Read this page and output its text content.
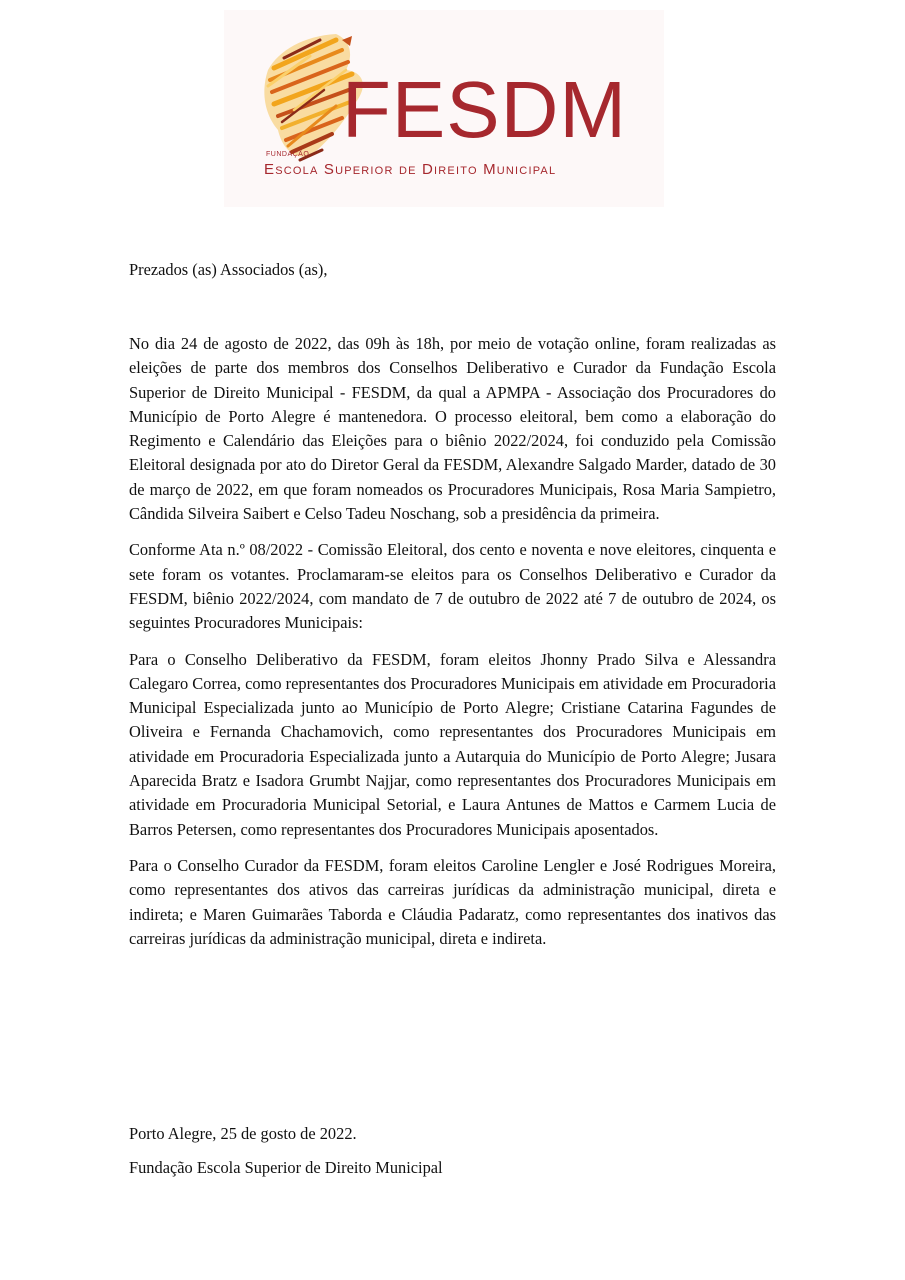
FESDM
FUNDAÇÃO
Escola Superior de Direito Municipal
Prezados (as) Associados (as),

No dia 24 de agosto de 2022, das 09h às 18h, por meio de votação online, foram realizadas as eleições de parte dos membros dos Conselhos Deliberativo e Curador da Fundação Escola Superior de Direito Municipal - FESDM, da qual a APMPA - Associação dos Procuradores do Município de Porto Alegre é mantenedora. O processo eleitoral, bem como a elaboração do Regimento e Calendário das Eleições para o biênio 2022/2024, foi conduzido pela Comissão Eleitoral designada por ato do Diretor Geral da FESDM, Alexandre Salgado Marder, datado de 30 de março de 2022, em que foram nomeados os Procuradores Municipais, Rosa Maria Sampietro, Cândida Silveira Saibert e Celso Tadeu Noschang, sob a presidência da primeira.

Conforme Ata n.º 08/2022 - Comissão Eleitoral, dos cento e noventa e nove eleitores, cinquenta e sete foram os votantes. Proclamaram-se eleitos para os Conselhos Deliberativo e Curador da FESDM, biênio 2022/2024, com mandato de 7 de outubro de 2022 até 7 de outubro de 2024, os seguintes Procuradores Municipais:

Para o Conselho Deliberativo da FESDM, foram eleitos Jhonny Prado Silva e Alessandra Calegaro Correa, como representantes dos Procuradores Municipais em atividade em Procuradoria Municipal Especializada junto ao Município de Porto Alegre; Cristiane Catarina Fagundes de Oliveira e Fernanda Chachamovich, como representantes dos Procuradores Municipais em atividade em Procuradoria Especializada junto a Autarquia do Município de Porto Alegre; Jusara Aparecida Bratz e Isadora Grumbt Najjar, como representantes dos Procuradores Municipais em atividade em Procuradoria Municipal Setorial, e Laura Antunes de Mattos e Carmem Lucia de Barros Petersen, como representantes dos Procuradores Municipais aposentados.

Para o Conselho Curador da FESDM, foram eleitos Caroline Lengler e José Rodrigues Moreira, como representantes dos ativos das carreiras jurídicas da administração municipal, direta e indireta; e Maren Guimarães Taborda e Cláudia Padaratz, como representantes dos inativos das carreiras jurídicas da administração municipal, direta e indireta.

Porto Alegre, 25 de gosto de 2022.

Fundação Escola Superior de Direito Municipal
